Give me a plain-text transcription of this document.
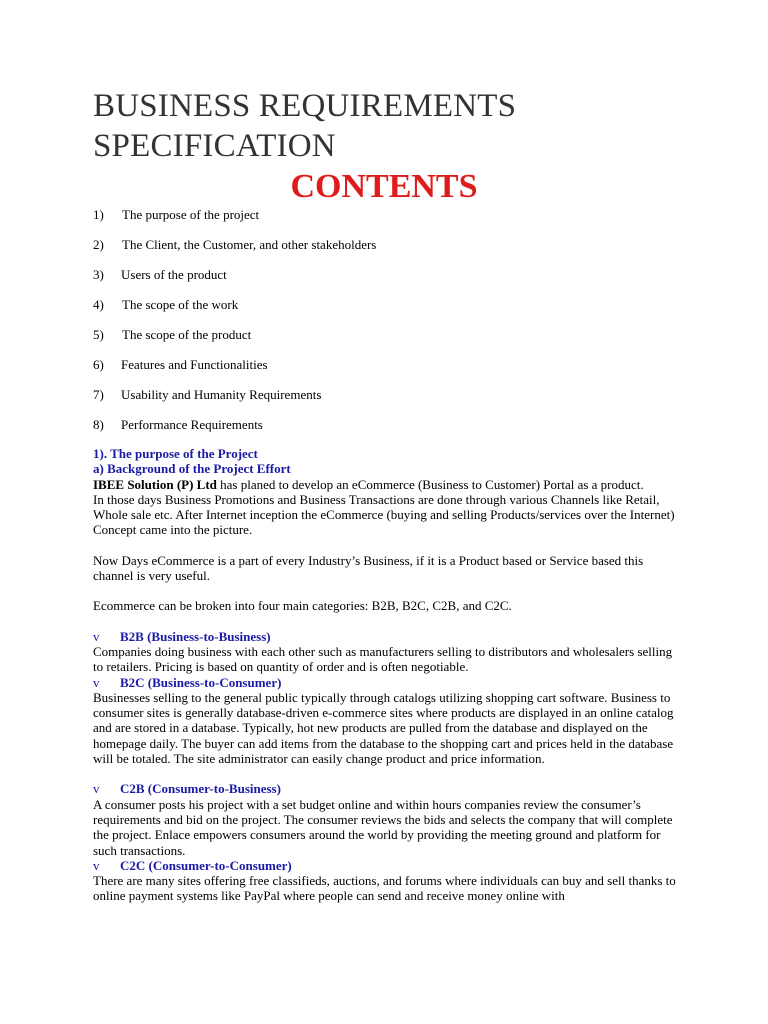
BUSINESS REQUIREMENTS
SPECIFICATION
CONTENTS
1)	The purpose of the project
2)	The Client, the Customer, and other stakeholders
3)	Users of the product
4)	The scope of the work
5)	The scope of the product
6)	Features and Functionalities
7)	Usability and Humanity Requirements
8)	Performance Requirements

1). The purpose of the Project

a) Background of the Project Effort

IBEE Solution (P) Ltd has planed to develop an eCommerce (Business to Customer) Portal as a product.

In those days Business Promotions and Business Transactions are done through various Channels like Retail, Whole sale etc. After Internet inception the eCommerce (buying and selling Products/services over the Internet) Concept came into the picture.

Now Days eCommerce is a part of every Industry’s Business, if it is a Product based or Service based this channel is very useful.

Ecommerce can be broken into four main categories: B2B, B2C, C2B, and C2C.

v B2B (Business-to-Business)

Companies doing business with each other such as manufacturers selling to distributors and wholesalers selling to retailers. Pricing is based on quantity of order and is often negotiable.

v B2C (Business-to-Consumer)

Businesses selling to the general public typically through catalogs utilizing shopping cart software. Business to consumer sites is generally database-driven e-commerce sites where products are displayed in an online catalog and are stored in a database. Typically, hot new products are pulled from the database and displayed on the homepage daily. The buyer can add items from the database to the shopping cart and prices held in the database will be totaled. The site administrator can easily change product and price information.

v C2B (Consumer-to-Business)

A consumer posts his project with a set budget online and within hours companies review the consumer’s requirements and bid on the project. The consumer reviews the bids and selects the company that will complete the project. Enlace empowers consumers around the world by providing the meeting ground and platform for such transactions.

v C2C (Consumer-to-Consumer)

There are many sites offering free classifieds, auctions, and forums where individuals can buy and sell thanks to online payment systems like PayPal where people can send and receive money online with
